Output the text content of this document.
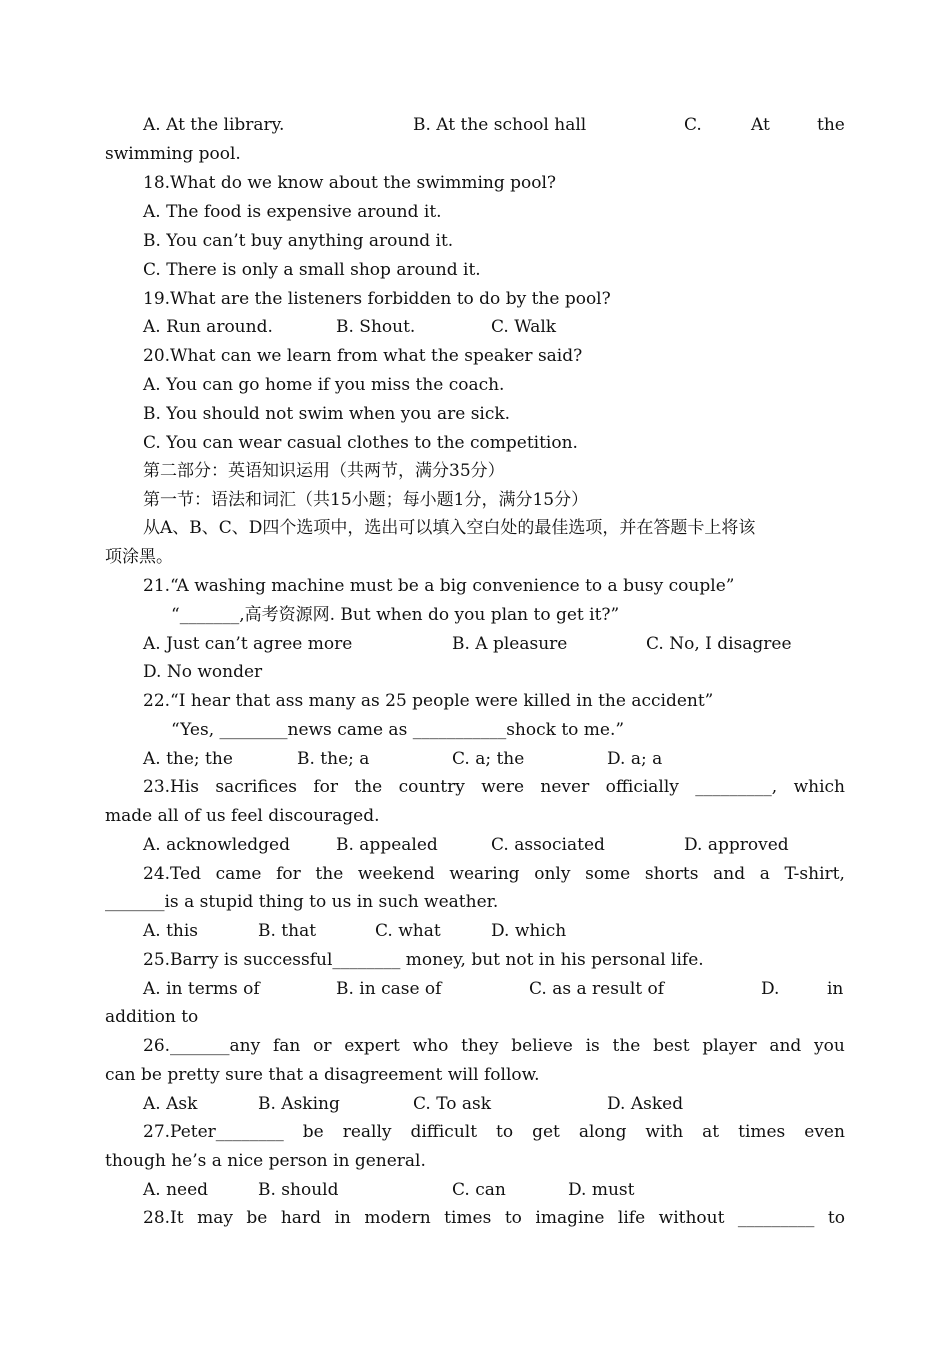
A. At the library.

	B. At the school hall

	C.

	At

	the

swimming pool.
18.What do we know about the swimming pool?
A. The food is expensive around it.
B. You can’t buy anything around it.
C. There is only a small shop around it.
19.What are the listeners forbidden to do by the pool?

A. Run around.

	B. Shout.

	C. Walk

20.What can we learn from what the speaker said?
A. You can go home if you miss the coach.
B. You should not swim when you are sick.
C. You can wear casual clothes to the competition.
第二部分：英语知识运用（共两节，满分35分）
第一节：语法和词汇（共15小题；每小题1分，满分15分）
从A、B、C、D四个选项中，选出可以填入空白处的最佳选项，并在答题卡上将该
项涂黑。
21.“A washing machine must be a big convenience to a busy couple”
“_______,高考资源网. But when do you plan to get it?”

A. Just can’t agree more

	B. A pleasure

	C. No, I disagree

D. No wonder
22.“I hear that ass many as 25 people were killed in the accident”
“Yes, ________news came as ___________shock to me.”

A. the; the

	B. the; a

	C. a; the

	D. a; a

23.His sacrifices for the country were never officially _________, which
made all of us feel discouraged.

A. acknowledged

	B. appealed

	C. associated

	D. approved

24.Ted came for the weekend wearing only some shorts and a T-shirt,
_______is a stupid thing to us in such weather.

A. this

	B. that

	C. what

	D. which

25.Barry is successful________ money, but not in his personal life.

A. in terms of

	B. in case of

	C. as a result of

	D.

	in

addition to
26._______any fan or expert who they believe is the best player and you
can be pretty sure that a disagreement will follow.

A. Ask

	B. Asking

	C. To ask

	D. Asked

27.Peter________ be really difficult to get along with at times even
though he’s a nice person in general.

A. need

	B. should

	C. can

	D. must

28.It may be hard in modern times to imagine life without _________ to
